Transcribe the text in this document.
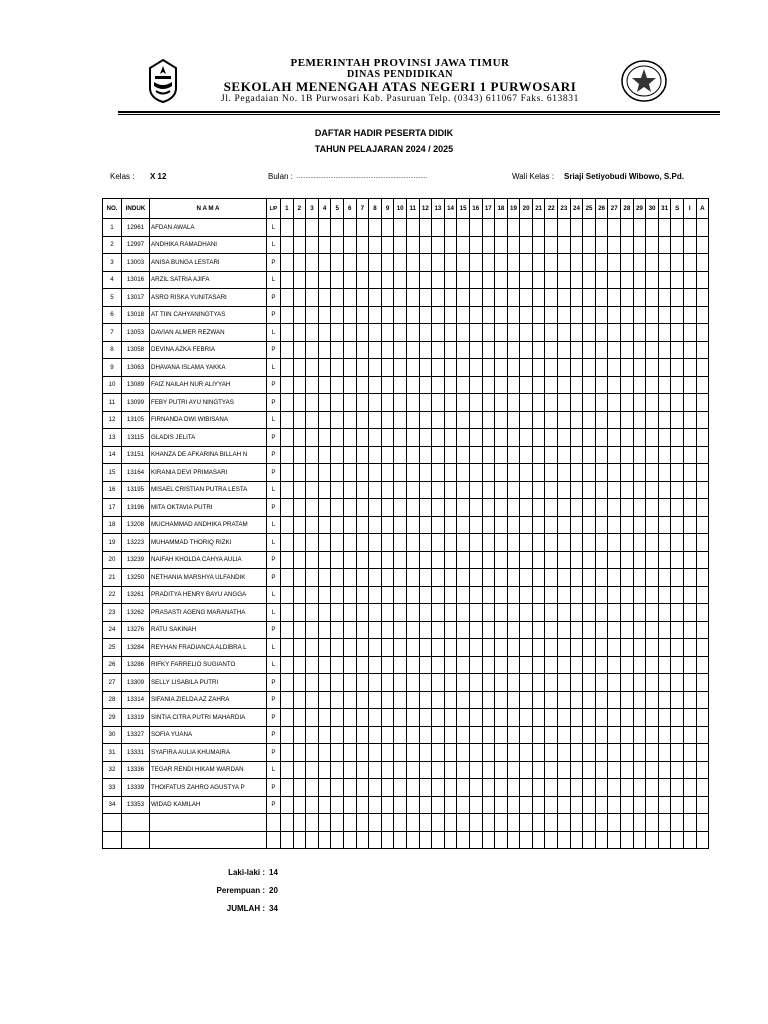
PEMERINTAH PROVINSI JAWA TIMUR
DINAS PENDIDIKAN
SEKOLAH MENENGAH ATAS NEGERI 1 PURWOSARI
Jl. Pegadaian No. 1B Purwosari Kab. Pasuruan Telp. (0343) 611067 Faks. 613831
DAFTAR HADIR PESERTA DIDIK
TAHUN PELAJARAN 2024 / 2025
Kelas : X 12	Bulan : ..............................................................................	Wali Kelas : Sriaji Setiyobudi Wibowo, S.Pd.
NO.	INDUK	N A M A	L/P	1	2	3	4	5	6	7	8	9	10	11	12	13	14	15	16	17	18	19	20	21	22	23	24	25	26	27	28	29	30	31	S	I	A
1	12961	AFDAN AWALA	L																																		
2	12997	ANDHIKA RAMADHANI	L																																		
3	13003	ANISA BUNGA LESTARI	P																																		
4	13016	ARZIL SATRIA AJIFA	L																																		
5	13017	ASRO RISKA YUNITASARI	P																																		
6	13018	AT TIIN CAHYANINGTYAS	P																																		
7	13053	DAVIAN ALMER REZWAN	L																																		
8	13058	DEVINA AZKA FEBRIA	P																																		
9	13063	DHAVANA ISLAMA YAKKA	L																																		
10	13089	FAIZ NAILAH NUR ALIYYAH	P																																		
11	13099	FEBY PUTRI AYU NINGTYAS	P																																		
12	13105	FIRNANDA DWI WIBISANA	L																																		
13	13115	GLADIS JELITA	P																																		
14	13151	KHANZA DE AFKARINA BILLAH N	P																																		
15	13164	KIRANIA DEVI PRIMASARI	P																																		
16	13195	MISAEL CRISTIAN PUTRA LESTA	L																																		
17	13196	MITA OKTAVIA PUTRI	P																																		
18	13208	MUCHAMMAD ANDHIKA PRATAM	L																																		
19	13223	MUHAMMAD THORIQ RIZKI	L																																		
20	13239	NAIFAH KHOLDA CAHYA AULIA	P																																		
21	13250	NETHANIA MARSHYA ULFANDIK	P																																		
22	13261	PRADITYA HENRY BAYU ANGGA	L																																		
23	13262	PRASASTI AGENG MARANATHA	L																																		
24	13276	RATU SAKINAH	P																																		
25	13284	REYHAN FRADIANCA ALDIBRA L	L																																		
26	13286	RIFKY FARRELIO SUGIANTO	L																																		
27	13309	SELLY LISABILA PUTRI	P																																		
28	13314	SIFANIA ZIELDA AZ ZAHRA	P																																		
29	13319	SINTIA CITRA PUTRI MAHARDIA	P																																		
30	13327	SOFIA YUANA	P																																		
31	13331	SYAFIRA AULIA KHUMAIRA	P																																		
32	13336	TEGAR RENDI HIKAM WARDAN	L																																		
33	13339	THOIFATUS ZAHRO AGUSTYA P	P																																		
34	13353	WIDAD KAMILAH	P																																		

Laki-laki : 14
Perempuan : 20
JUMLAH : 34
